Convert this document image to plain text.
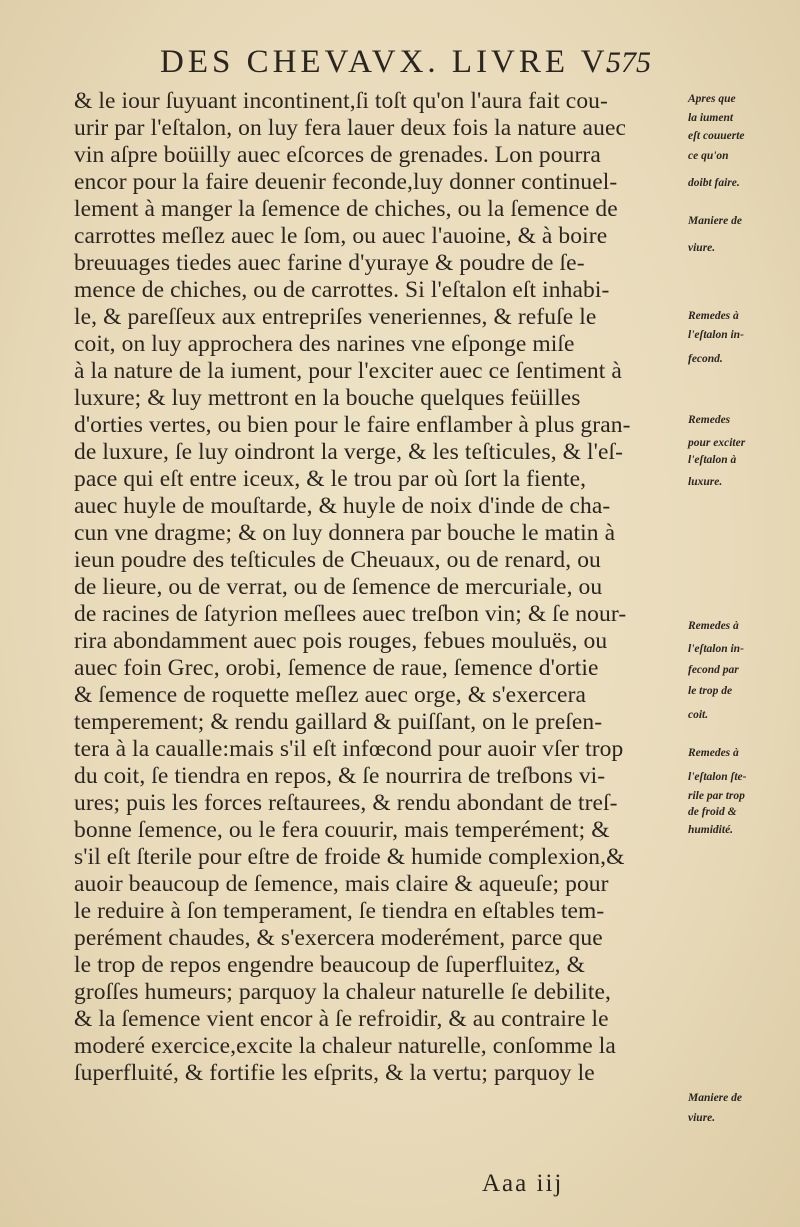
DES CHEVAVX. LIVRE V.
575
& le iour ſuyuant incontinent,ſi toſt qu'on l'aura fait cou-
urir par l'eſtalon, on luy fera lauer deux fois la nature auec
vin aſpre boüilly auec eſcorces de grenades. Lon pourra
encor pour la faire deuenir feconde,luy donner continuel-
lement à manger la ſemence de chiches, ou la ſemence de
carrottes meſlez auec le ſom, ou auec l'auoine, & à boire
breuuages tiedes auec farine d'yuraye & poudre de ſe-
mence de chiches, ou de carrottes. Si l'eſtalon eſt inhabi-
le, & pareſſeux aux entrepriſes veneriennes, & refuſe le
coit, on luy approchera des narines vne eſponge miſe
à la nature de la iument, pour l'exciter auec ce ſentiment à
luxure; & luy mettront en la bouche quelques feüilles
d'orties vertes, ou bien pour le faire enflamber à plus gran-
de luxure, ſe luy oindront la verge, & les teſticules, & l'eſ-
pace qui eſt entre iceux, & le trou par où ſort la fiente,
auec huyle de mouſtarde, & huyle de noix d'inde de cha-
cun vne dragme; & on luy donnera par bouche le matin à
ieun poudre des teſticules de Cheuaux, ou de renard, ou
de lieure, ou de verrat, ou de ſemence de mercuriale, ou
de racines de ſatyrion meſlees auec treſbon vin; & ſe nour-
rira abondamment auec pois rouges, febues mouluës, ou
auec foin Grec, orobi, ſemence de raue, ſemence d'ortie
& ſemence de roquette meſlez auec orge, & s'exercera
temperement; & rendu gaillard & puiſſant, on le preſen-
tera à la caualle:mais s'il eſt infœcond pour auoir vſer trop
du coit, ſe tiendra en repos, & ſe nourrira de treſbons vi-
ures; puis les forces reſtaurees, & rendu abondant de treſ-
bonne ſemence, ou le fera couurir, mais temperément; &
s'il eſt ſterile pour eſtre de froide & humide complexion,&
auoir beaucoup de ſemence, mais claire & aqueuſe; pour
le reduire à ſon temperament, ſe tiendra en eſtables tem-
perément chaudes, & s'exercera moderément, parce que
le trop de repos engendre beaucoup de ſuperfluitez, &
groſſes humeurs; parquoy la chaleur naturelle ſe debilite,
& la ſemence vient encor à ſe refroidir, & au contraire le
moderé exercice,excite la chaleur naturelle, conſomme la
ſuperfluité, & fortifie les eſprits, & la vertu; parquoy le
Apres que
la iument
eſt couuerte
ce qu'on
doibt faire.
Maniere de
viure.
Remedes à
l'eſtalon in-
fecond.
Remedes
pour exciter
l'eſtalon à
luxure.
Remedes à
l'eſtalon in-
fecond par
le trop de
coit.
Remedes à
l'eſtalon ſte-
rile par trop
de froid &
humidité.
Maniere de
viure.
Aaa iij
